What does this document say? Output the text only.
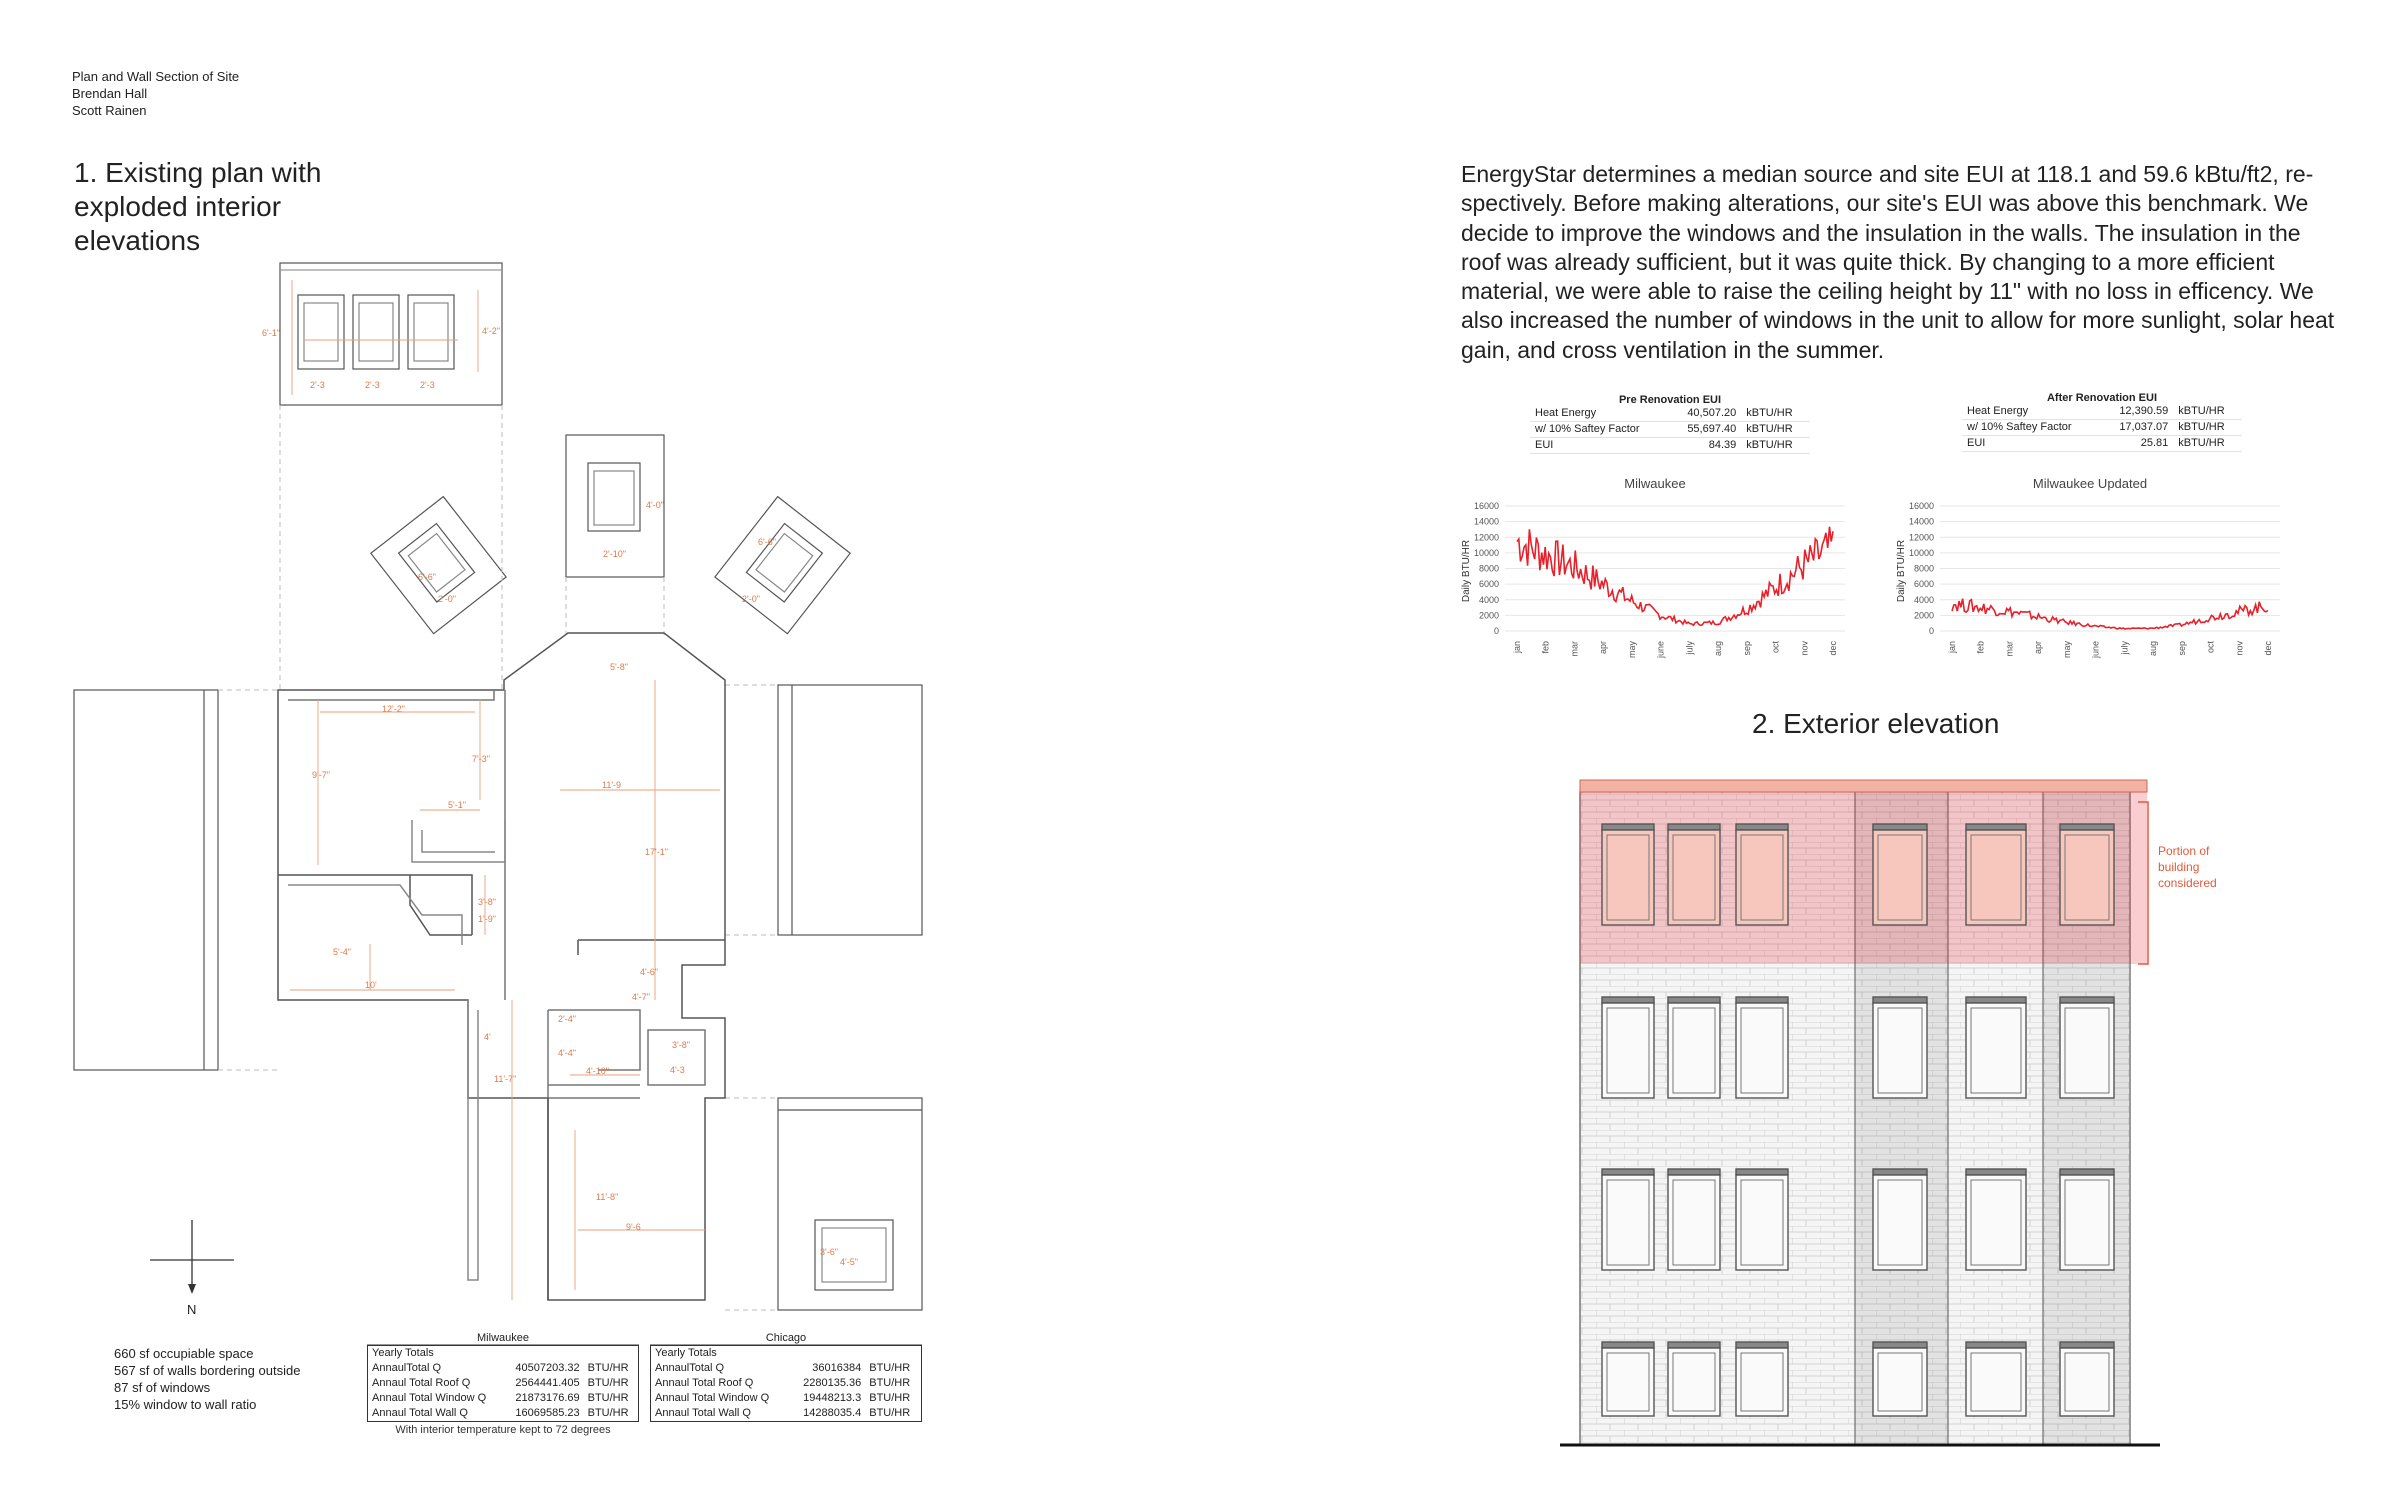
Plan and Wall Section of Site
Brendan Hall
Scott Rainen
1. Existing plan with exploded interior elevations
6'-1"	4'-2"
2'-3	2'-3	2'-3
4'-0"
2'-10"
6'-6"
2'-0"
6'-6"
2'-0"
5'-8"
12'-2"
7'-3"
9'-7"
5'-1"
11'-9
17'-1"
3'-8"
1'-9"
5'-4"
10'
4'-6"
4'-7"
2'-4"
4'
4'-4"
4'-10"
3'-8"
4'-3
11'-7"
11'-8"
9'-6
3'-6"
4'-5"
N
660 sf occupiable space
567 sf of walls bordering outside
87 sf of windows
15% window to wall ratio
Milwaukee
Yearly Totals		
AnnaulTotal Q	40507203.32	BTU/HR
Annaul Total Roof Q	2564441.405	BTU/HR
Annaul Total Window Q	21873176.69	BTU/HR
Annaul Total Wall Q	16069585.23	BTU/HR
With interior temperature kept to 72 degrees
Chicago
Yearly Totals		
AnnaulTotal Q	36016384	BTU/HR
Annaul Total Roof Q	2280135.36	BTU/HR
Annaul Total Window Q	19448213.3	BTU/HR
Annaul Total Wall Q	14288035.4	BTU/HR
EnergyStar determines a median source and site EUI at 118.1 and 59.6 kBtu/ft2, re-spectively. Before making alterations, our site's EUI was above this benchmark. We decide to improve the windows and the insulation in the walls. The insulation in the roof was already sufficient, but it was quite thick. By changing to a more efficient material, we were able to raise the ceiling height by 11" with no loss in efficency. We also increased the number of windows in the unit to allow for more sunlight, solar heat gain, and cross ventilation in the summer.
Pre Renovation EUI
Heat Energy	40,507.20	kBTU/HR
w/ 10% Saftey Factor	55,697.40	kBTU/HR
EUI	84.39	kBTU/HR
After Renovation EUI
Heat Energy	12,390.59	kBTU/HR
w/ 10% Saftey Factor	17,037.07	kBTU/HR
EUI	25.81	kBTU/HR
Milwaukee
Daily BTU/HR
16000
14000
12000
10000
8000
6000
4000
2000
0
jan feb mar apr may june july aug sep oct nov dec
Milwaukee Updated
Daily BTU/HR
16000
14000
12000
10000
8000
6000
4000
2000
0
jan feb mar apr may june july aug sep oct nov dec
2. Exterior elevation
Portion of
building
considered
